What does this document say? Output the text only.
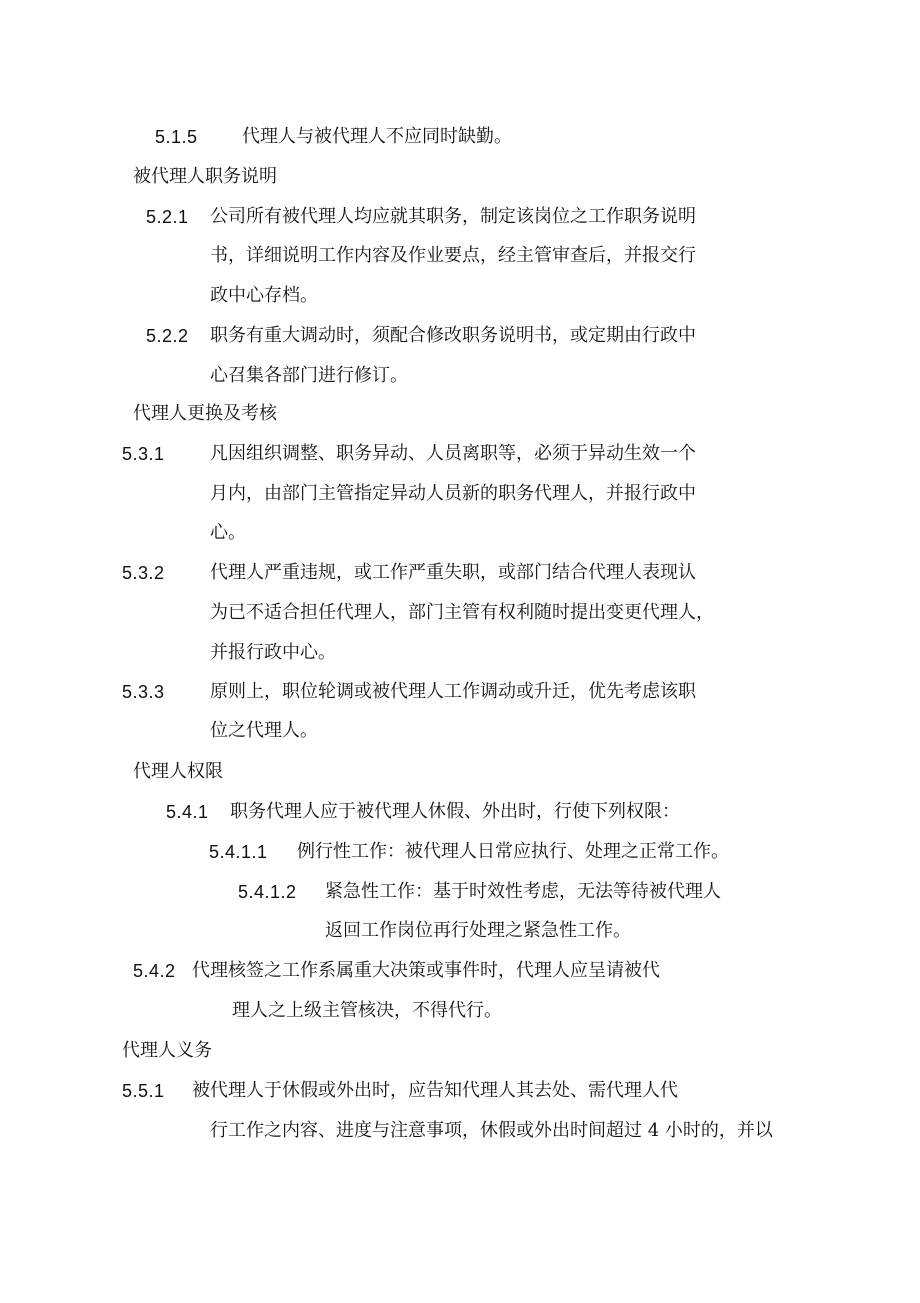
5.1.5 代理人与被代理人不应同时缺勤。
被代理人职务说明
5.2.1 公司所有被代理人均应就其职务，制定该岗位之工作职务说明
书，详细说明工作内容及作业要点，经主管审查后，并报交行
政中心存档。
5.2.2 职务有重大调动时，须配合修改职务说明书，或定期由行政中
心召集各部门进行修订。
代理人更换及考核
5.3.1	凡因组织调整、职务异动、人员离职等，必须于异动生效一个
月内，由部门主管指定异动人员新的职务代理人，并报行政中
心。
5.3.2	代理人严重违规，或工作严重失职，或部门结合代理人表现认
为已不适合担任代理人，部门主管有权利随时提出变更代理人，
并报行政中心。
5.3.3	原则上，职位轮调或被代理人工作调动或升迁，优先考虑该职
位之代理人。
代理人权限
5.4.1 职务代理人应于被代理人休假、外出时，行使下列权限：
5.4.1.1 例行性工作：被代理人日常应执行、处理之正常工作。
5.4.1.2 紧急性工作：基于时效性考虑，无法等待被代理人
返回工作岗位再行处理之紧急性工作。
5.4.2 代理核签之工作系属重大决策或事件时，代理人应呈请被代
理人之上级主管核决，不得代行。
代理人义务
5.5.1 被代理人于休假或外出时，应告知代理人其去处、需代理人代
行工作之内容、进度与注意事项，休假或外出时间超过 4 小时的，并以
